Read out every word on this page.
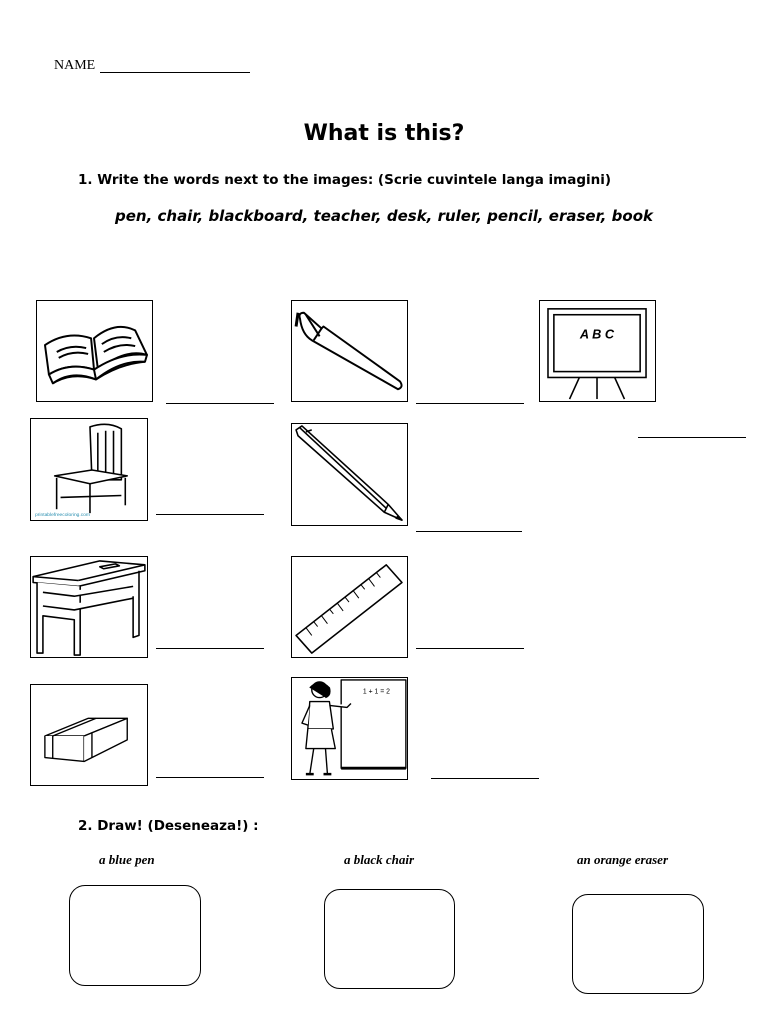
NAME
What is this?
1. Write the words next to the images: (Scrie cuvintele langa imagini)
pen, chair, blackboard, teacher, desk, ruler, pencil, eraser, book
A B C
printablefreecoloring.com
1 + 1 = 2
2. Draw! (Deseneaza!) :
a blue pen	a black chair	an orange eraser
